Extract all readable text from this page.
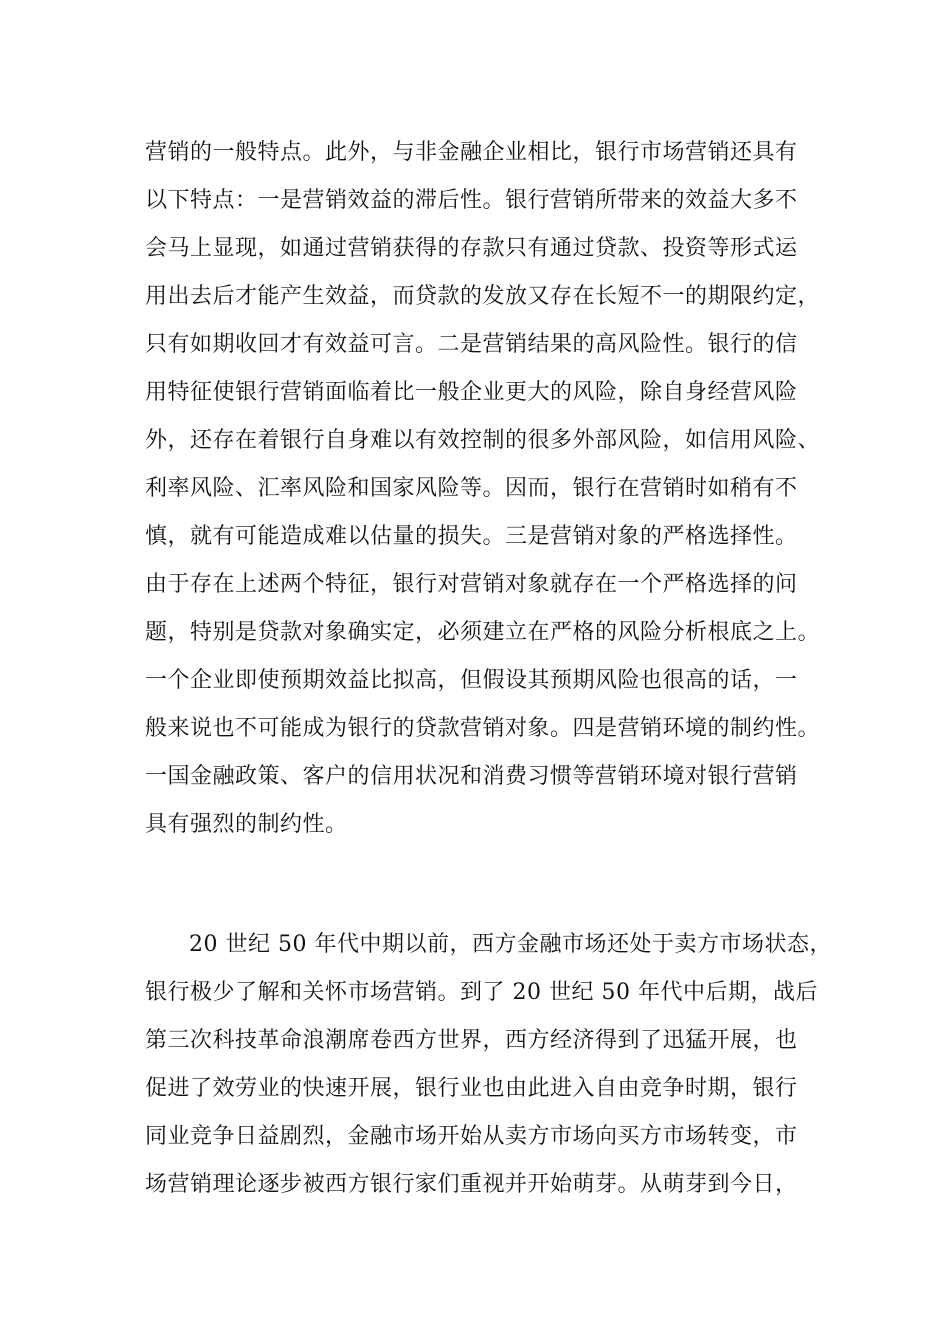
营销的一般特点。此外，与非金融企业相比，银行市场营销还具有
以下特点：一是营销效益的滞后性。银行营销所带来的效益大多不
会马上显现，如通过营销获得的存款只有通过贷款、投资等形式运
用出去后才能产生效益，而贷款的发放又存在长短不一的期限约定，
只有如期收回才有效益可言。二是营销结果的高风险性。银行的信
用特征使银行营销面临着比一般企业更大的风险，除自身经营风险
外，还存在着银行自身难以有效控制的很多外部风险，如信用风险、
利率风险、汇率风险和国家风险等。因而，银行在营销时如稍有不
慎，就有可能造成难以估量的损失。三是营销对象的严格选择性。
由于存在上述两个特征，银行对营销对象就存在一个严格选择的问
题，特别是贷款对象确实定，必须建立在严格的风险分析根底之上。
一个企业即使预期效益比拟高，但假设其预期风险也很高的话，一
般来说也不可能成为银行的贷款营销对象。四是营销环境的制约性。
一国金融政策、客户的信用状况和消费习惯等营销环境对银行营销
具有强烈的制约性。
20 世纪 50 年代中期以前，西方金融市场还处于卖方市场状态，
银行极少了解和关怀市场营销。到了 20 世纪 50 年代中后期，战后
第三次科技革命浪潮席卷西方世界，西方经济得到了迅猛开展，也
促进了效劳业的快速开展，银行业也由此进入自由竞争时期，银行
同业竞争日益剧烈，金融市场开始从卖方市场向买方市场转变，市
场营销理论逐步被西方银行家们重视并开始萌芽。从萌芽到今日，
